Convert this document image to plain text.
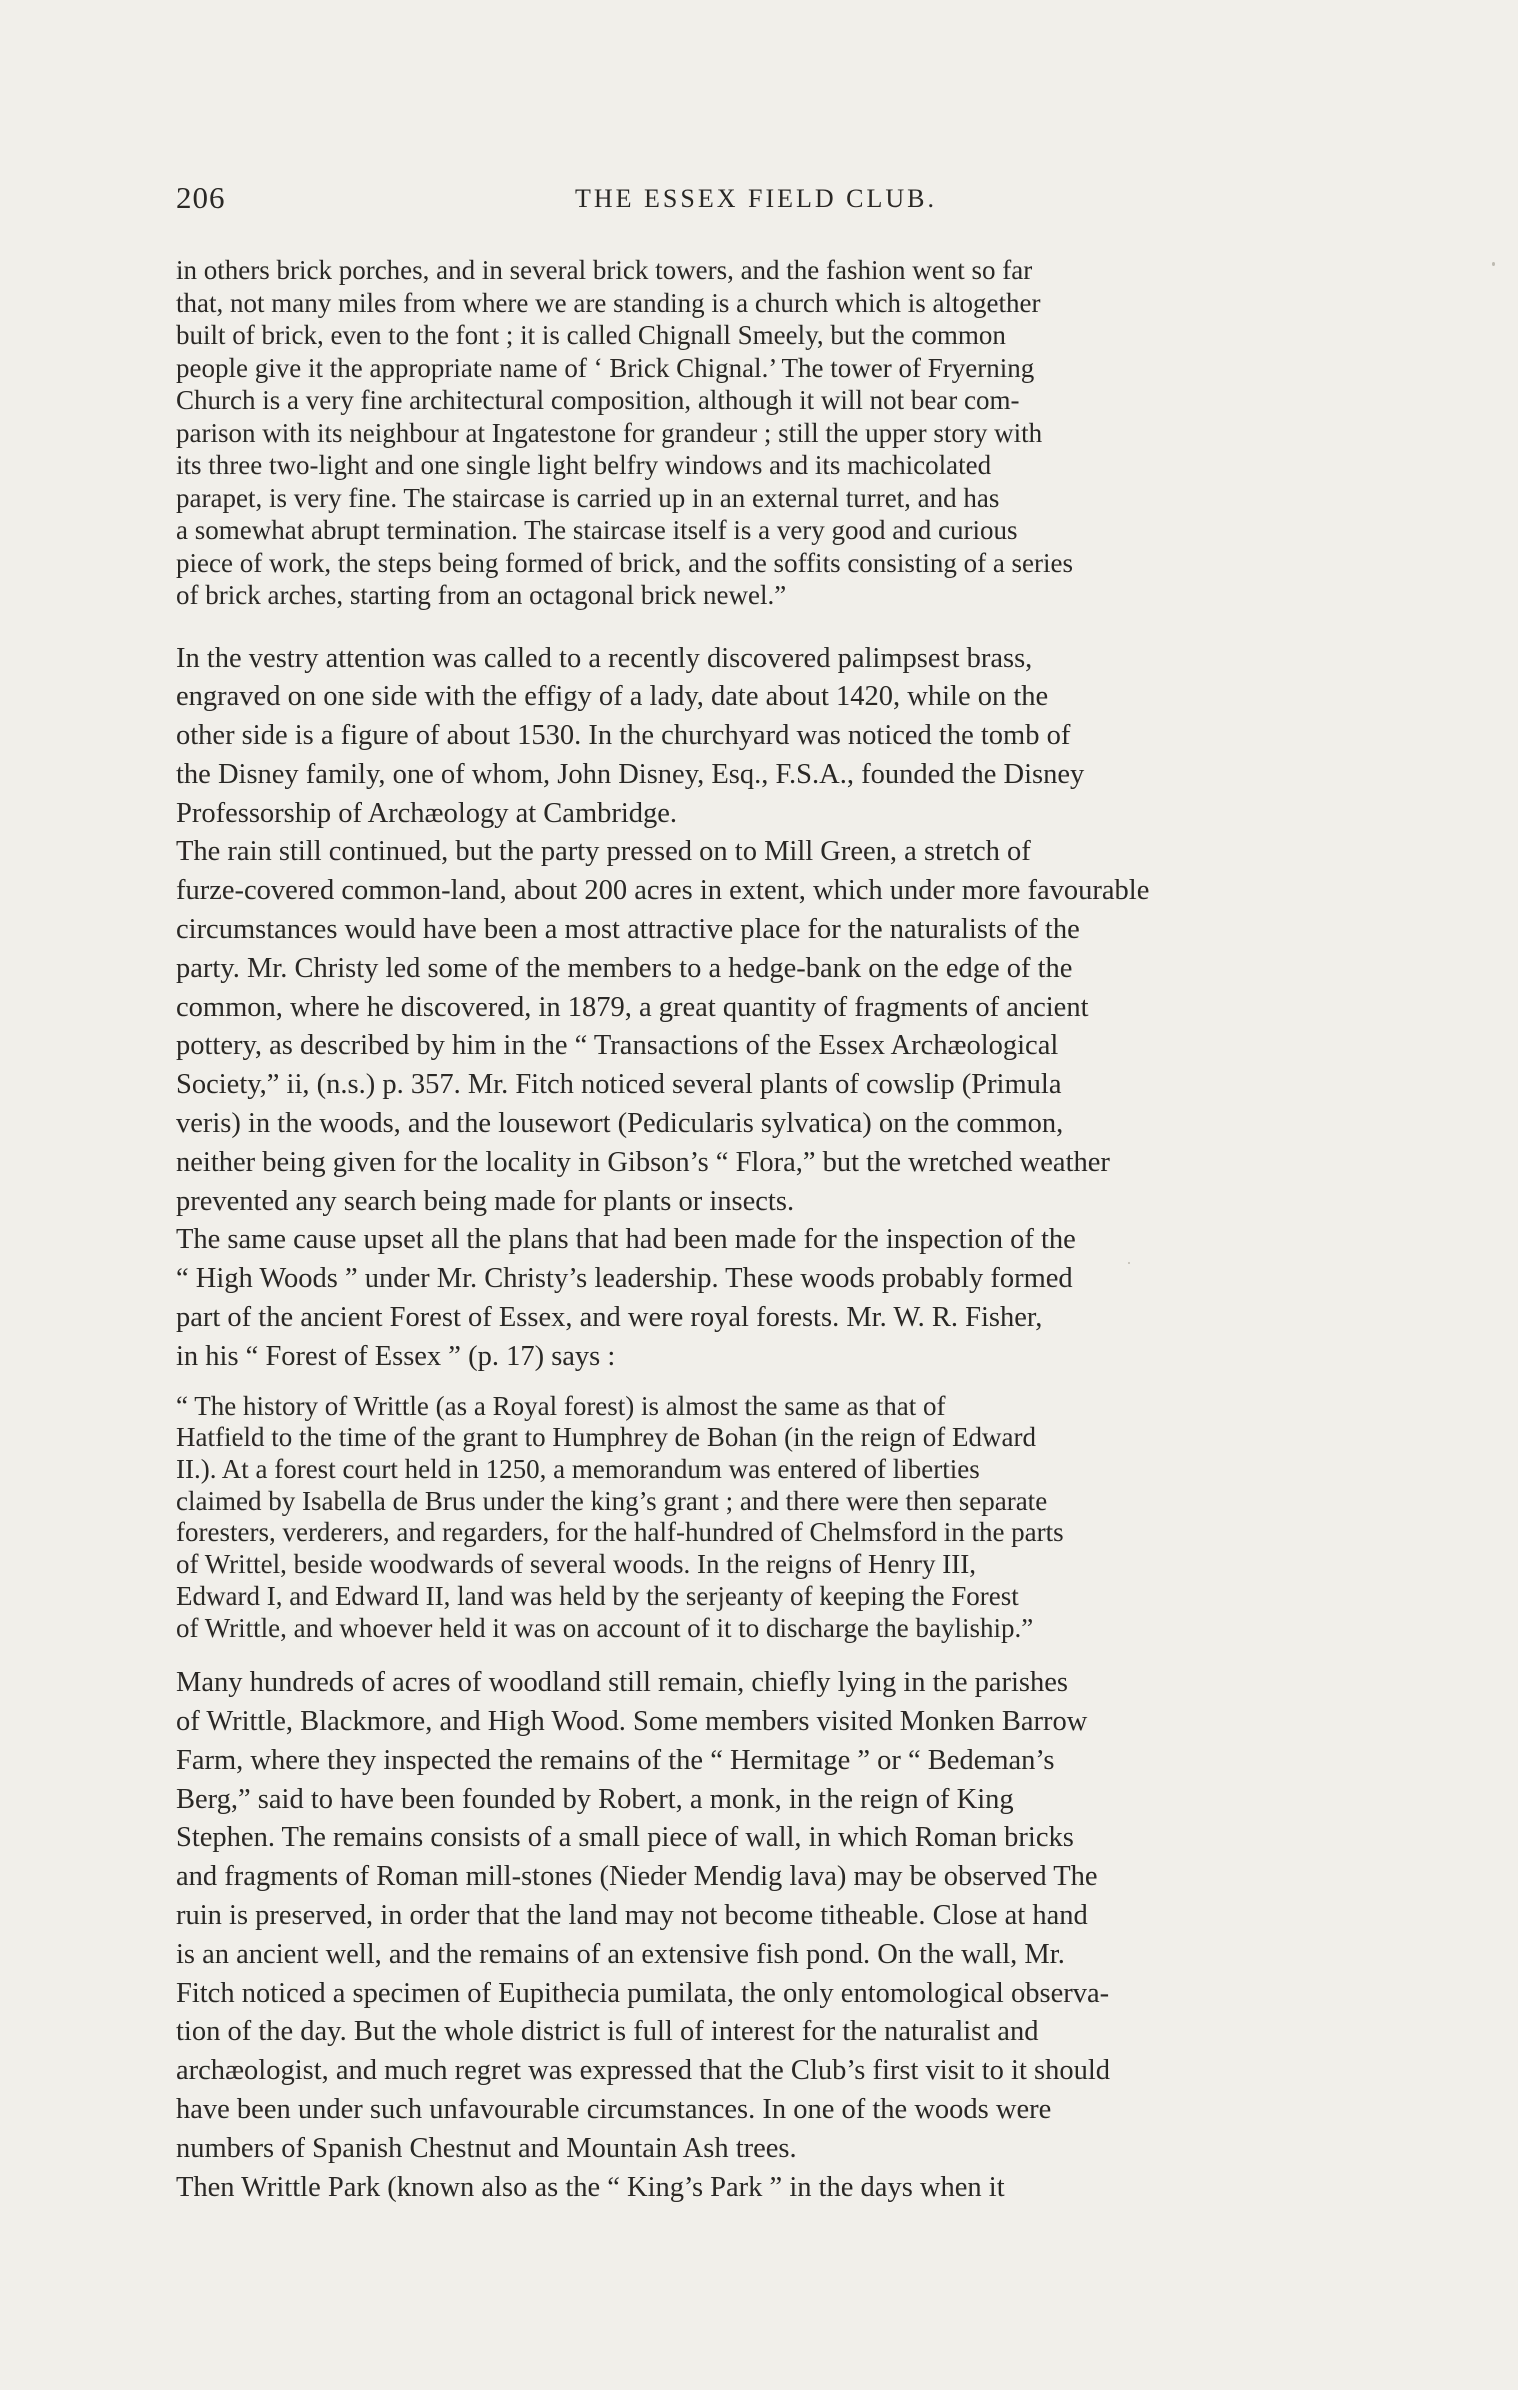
206	THE ESSEX FIELD CLUB.
in others brick porches, and in several brick towers, and the fashion went so far
that, not many miles from where we are standing is a church which is altogether
built of brick, even to the font ; it is called Chignall Smeely, but the common
people give it the appropriate name of ‘ Brick Chignal.’ The tower of Fryerning
Church is a very fine architectural composition, although it will not bear com-
parison with its neighbour at Ingatestone for grandeur ; still the upper story with
its three two-light and one single light belfry windows and its machicolated
parapet, is very fine. The staircase is carried up in an external turret, and has
a somewhat abrupt termination. The staircase itself is a very good and curious
piece of work, the steps being formed of brick, and the soffits consisting of a series
of brick arches, starting from an octagonal brick newel.”
In the vestry attention was called to a recently discovered palimpsest brass,
engraved on one side with the effigy of a lady, date about 1420, while on the
other side is a figure of about 1530. In the churchyard was noticed the tomb of
the Disney family, one of whom, John Disney, Esq., F.S.A., founded the Disney
Professorship of Archæology at Cambridge.
The rain still continued, but the party pressed on to Mill Green, a stretch of
furze-covered common-land, about 200 acres in extent, which under more favourable
circumstances would have been a most attractive place for the naturalists of the
party. Mr. Christy led some of the members to a hedge-bank on the edge of the
common, where he discovered, in 1879, a great quantity of fragments of ancient
pottery, as described by him in the “ Transactions of the Essex Archæological
Society,” ii, (n.s.) p. 357. Mr. Fitch noticed several plants of cowslip (Primula
veris) in the woods, and the lousewort (Pedicularis sylvatica) on the common,
neither being given for the locality in Gibson’s “ Flora,” but the wretched weather
prevented any search being made for plants or insects.
The same cause upset all the plans that had been made for the inspection of the
“ High Woods ” under Mr. Christy’s leadership. These woods probably formed
part of the ancient Forest of Essex, and were royal forests. Mr. W. R. Fisher,
in his “ Forest of Essex ” (p. 17) says :
“ The history of Writtle (as a Royal forest) is almost the same as that of
Hatfield to the time of the grant to Humphrey de Bohan (in the reign of Edward
II.). At a forest court held in 1250, a memorandum was entered of liberties
claimed by Isabella de Brus under the king’s grant ; and there were then separate
foresters, verderers, and regarders, for the half-hundred of Chelmsford in the parts
of Writtel, beside woodwards of several woods. In the reigns of Henry III,
Edward I, and Edward II, land was held by the serjeanty of keeping the Forest
of Writtle, and whoever held it was on account of it to discharge the bayliship.”
Many hundreds of acres of woodland still remain, chiefly lying in the parishes
of Writtle, Blackmore, and High Wood. Some members visited Monken Barrow
Farm, where they inspected the remains of the “ Hermitage ” or “ Bedeman’s
Berg,” said to have been founded by Robert, a monk, in the reign of King
Stephen. The remains consists of a small piece of wall, in which Roman bricks
and fragments of Roman mill-stones (Nieder Mendig lava) may be observed The
ruin is preserved, in order that the land may not become titheable. Close at hand
is an ancient well, and the remains of an extensive fish pond. On the wall, Mr.
Fitch noticed a specimen of Eupithecia pumilata, the only entomological observa-
tion of the day. But the whole district is full of interest for the naturalist and
archæologist, and much regret was expressed that the Club’s first visit to it should
have been under such unfavourable circumstances. In one of the woods were
numbers of Spanish Chestnut and Mountain Ash trees.
Then Writtle Park (known also as the “ King’s Park ” in the days when it
